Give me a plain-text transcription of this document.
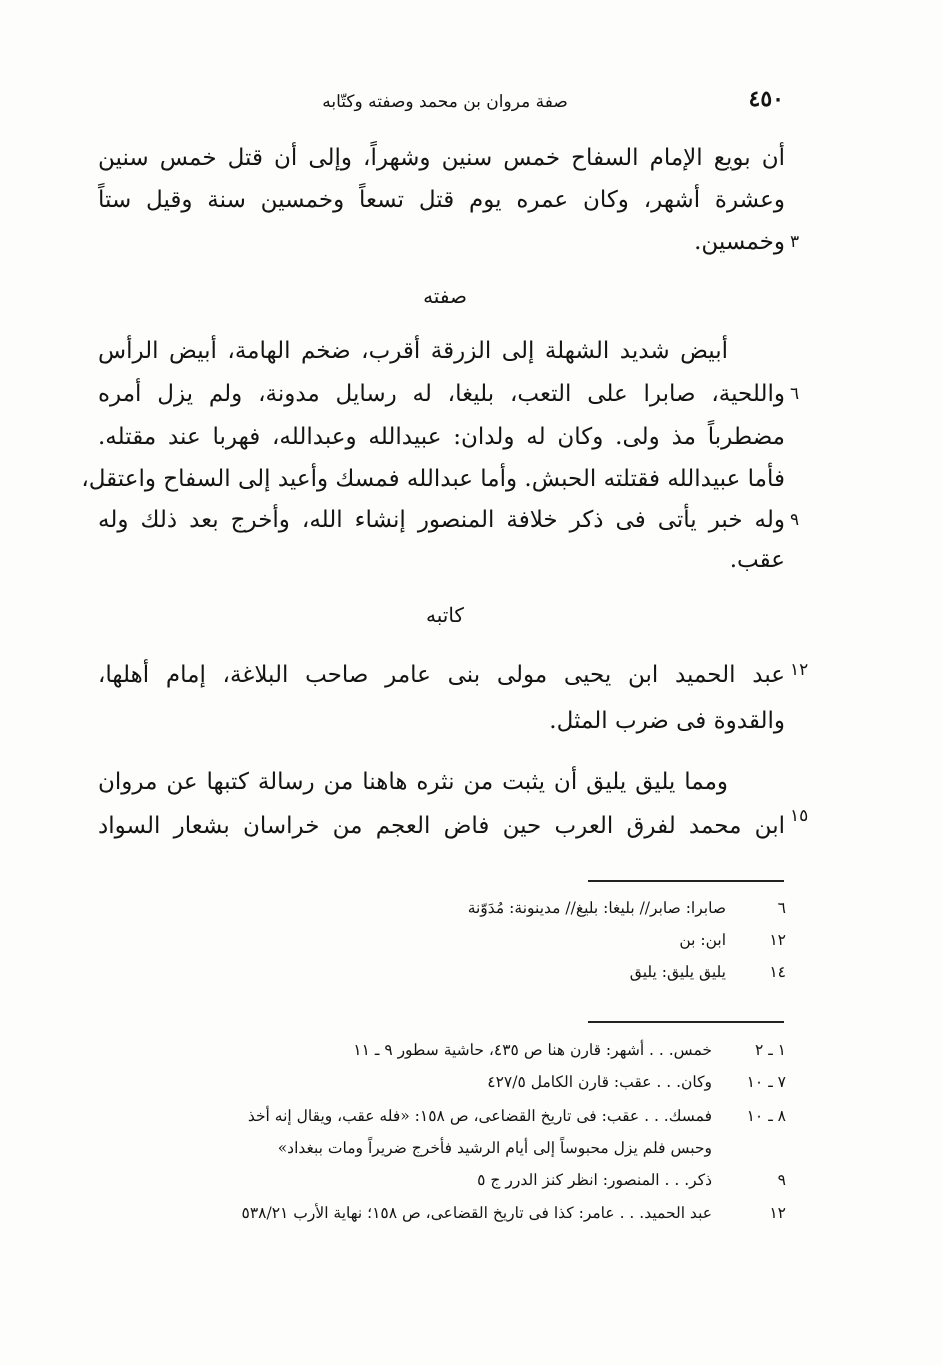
٤٥٠
صفة مروان بن محمد وصفته وكتّابه
أن بويع الإمام السفاح خمس سنين وشهراً، وإلى أن قتل خمس سنين
وعشرة أشهر، وكان عمره يوم قتل تسعاً وخمسين سنة وقيل ستاً
وخمسين. ٣
صفته
أبيض شديد الشهلة إلى الزرقة أقرب، ضخم الهامة، أبيض الرأس
واللحية، صابرا على التعب، بليغا، له رسايل مدونة، ولم يزل أمره ٦
مضطرباً مذ ولى. وكان له ولدان: عبيدالله وعبدالله، فهربا عند مقتله.
فأما عبيدالله فقتلته الحبش. وأما عبدالله فمسك وأعيد إلى السفاح واعتقل،
وله خبر يأتى فى ذكر خلافة المنصور إنشاء الله، وأخرج بعد ذلك وله ٩
عقب.
كاتبه
١٢
عبد الحميد ابن يحيى مولى بنى عامر صاحب البلاغة، إمام أهلها،
والقدوة فى ضرب المثل.
ومما يليق يليق أن يثبت من نثره هاهنا من رسالة كتبها عن مروان
ابن محمد لفرق العرب حين فاض العجم من خراسان بشعار السواد ١٥
٦
صابرا: صابر// بليغا: بليغ// مدينونة: مُدَوّنة
١٢
ابن: بن
١٤
يليق يليق: يليق
١ ـ ٢
خمس. . . أشهر: قارن هنا ص ٤٣٥، حاشية سطور ٩ ـ ١١
٧ ـ ١٠
وكان. . . عقب: قارن الكامل ٤٢٧/٥
٨ ـ ١٠
فمسك. . . عقب: فى تاريخ القضاعى، ص ١٥٨: «فله عقب، ويقال إنه أخذ
وحبس فلم يزل محبوساً إلى أيام الرشيد فأخرج ضريراً ومات ببغداد»
٩
ذكر. . . المنصور: انظر كنز الدرر ج ٥
١٢
عبد الحميد. . . عامر: كذا فى تاريخ القضاعى، ص ١٥٨؛ نهاية الأرب ٥٣٨/٢١
